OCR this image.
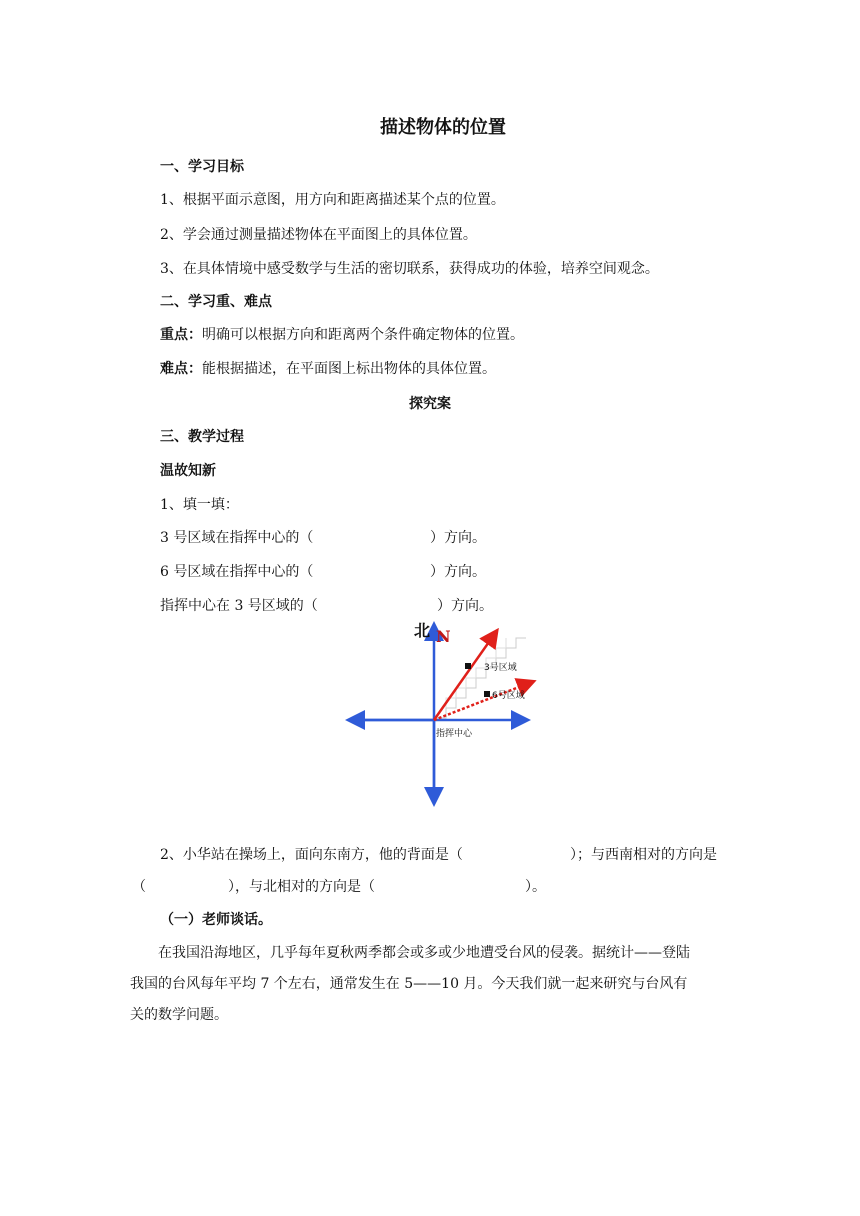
描述物体的位置
一、学习目标
1、根据平面示意图，用方向和距离描述某个点的位置。
2、学会通过测量描述物体在平面图上的具体位置。
3、在具体情境中感受数学与生活的密切联系，获得成功的体验，培养空间观念。
二、学习重、难点
重点：明确可以根据方向和距离两个条件确定物体的位置。
难点：能根据描述，在平面图上标出物体的具体位置。
探究案
三、教学过程
温故知新
1、填一填：
3 号区域在指挥中心的（	）方向。
6 号区域在指挥中心的（	）方向。
指挥中心在 3 号区域的（	）方向。
北 N
3号区域
6号区域
指挥中心
2、小华站在操场上，面向东南方，他的背面是（	）；与西南相对的方向是
（	），与北相对的方向是（	）。
（一）老师谈话。
在我国沿海地区，几乎每年夏秋两季都会或多或少地遭受台风的侵袭。据统计——登陆我国的台风每年平均 7 个左右，通常发生在 5——10 月。今天我们就一起来研究与台风有关的数学问题。
